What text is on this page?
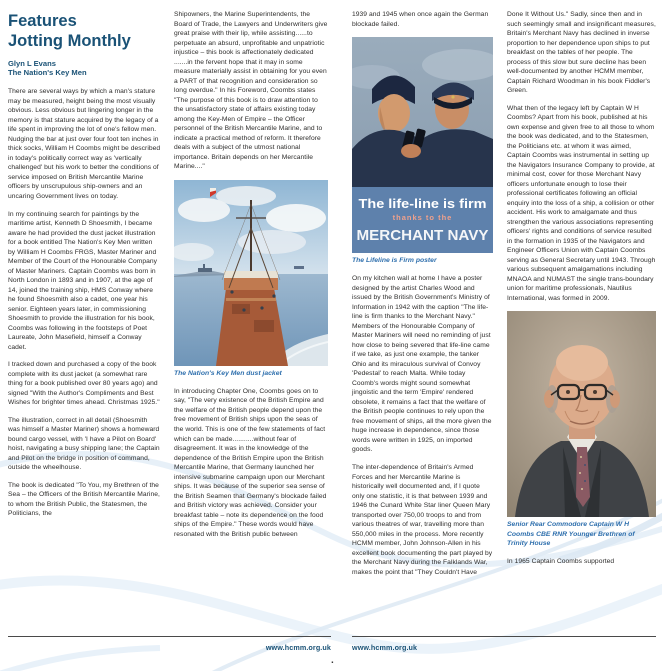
Features
Jotting Monthly
Glyn L Evans
The Nation's Key Men

There are several ways by which a man's stature may be measured, height being the most visually obvious. Less obvious but lingering longer in the memory is that stature acquired by the legacy of a life spent in improving the lot of one's fellow men. Nudging the bar at just over four foot ten inches in thick socks, William H Coombs might be described in today's politically correct way as 'vertically challenged' but his work to better the conditions of service imposed on British Mercantile Marine officers by unscrupulous ship-owners and an uncaring Government lives on today.

In my continuing search for paintings by the maritime artist, Kenneth D Shoesmith, I became aware he had provided the dust jacket illustration for a book entitled The Nation's Key Men written by William H Coombs FRGS, Master Mariner and Member of the Court of the Honourable Company of Master Mariners. Captain Coombs was born in North London in 1893 and in 1907, at the age of 14, joined the training ship, HMS Conway where he found Shoesmith also a cadet, one year his senior. Eighteen years later, in commissioning Shoesmith to provide the illustration for his book, Coombs was following in the footsteps of Poet Laureate, John Masefield, himself a Conway cadet.

I tracked down and purchased a copy of the book complete with its dust jacket (a somewhat rare thing for a book published over 80 years ago) and signed "With the Author's Compliments and Best Wishes for brighter times ahead. Christmas 1925."

The illustration, correct in all detail (Shoesmith was himself a Master Mariner) shows a homeward bound cargo vessel, with 'I have a Pilot on Board' hoist, navigating a busy shipping lane; the Captain and Pilot on the bridge in position of command, outside the wheelhouse.

The book is dedicated "To You, my Brethren of the Sea – the Officers of the British Mercantile Marine, to whom the British Public, the Statesmen, the Politicians, the

Shipowners, the Marine Superintendents, the Board of Trade, the Lawyers and Underwriters give great praise with their lip, while assisting......to perpetuate an absurd, unprofitable and unpatriotic injustice – this book is affectionately dedicated .......in the fervent hope that it may in some measure materially assist in obtaining for you even a PART of that recognition and consideration so long overdue." In his Foreword, Coombs states "The purpose of this book is to draw attention to the unsatisfactory state of affairs existing today among the Key-Men of Empire – the Officer personnel of the British Mercantile Marine, and to indicate a practical method of reform. It therefore deals with a subject of the utmost national importance. Britain depends on her Mercantile Marine...."

The Nation's Key Men dust jacket

In introducing Chapter One, Coombs goes on to say, "The very existence of the British Empire and the welfare of the British people depend upon the free movement of British ships upon the seas of the world. This is one of the few statements of fact which can be made...........without fear of disagreement. It was in the knowledge of the dependence of the British Empire upon the British Mercantile Marine, that Germany launched her intensive submarine campaign upon our Merchant ships. It was because of the superior sea sense of the British Seamen that Germany's blockade failed and British victory was achieved. Consider your breakfast table – note its dependence on the food ships of the Empire." These words would have resonated with the British public between

1939 and 1945 when once again the German blockade failed.

The life-line is firm
thanks to the
MERCHANT NAVY
The Lifeline is Firm poster

On my kitchen wall at home I have a poster designed by the artist Charles Wood and issued by the British Government's Ministry of Information in 1942 with the caption "The life-line is firm thanks to the Merchant Navy." Members of the Honourable Company of Master Mariners will need no reminding of just how close to being severed that life-line came if we take, as just one example, the tanker Ohio and its miraculous survival of Convoy 'Pedestal' to reach Malta. While today Coomb's words might sound somewhat jingoistic and the term 'Empire' rendered obsolete, it remains a fact that the welfare of the British people continues to rely upon the free movement of ships, all the more given the huge increase in dependence, since those words were written in 1925, on imported goods.

The inter-dependence of Britain's Armed Forces and her Mercantile Marine is historically well documented and, if I quote only one statistic, it is that between 1939 and 1946 the Cunard White Star liner Queen Mary transported over 750,00 troops to and from various theatres of war, travelling more than 550,000 miles in the process. More recently HCMM member, John Johnson-Allen in his excellent book documenting the part played by the Merchant Navy during the Falklands War, makes the point that "They Couldn't Have

Done It Without Us." Sadly, since then and in such seemingly small and insignificant measures, Britain's Merchant Navy has declined in inverse proportion to her dependence upon ships to put breakfast on the tables of her people. The process of this slow but sure decline has been well-documented by another HCMM member, Captain Richard Woodman in his book Fiddler's Green.

What then of the legacy left by Captain W H Coombs? Apart from his book, published at his own expense and given free to all those to whom the book was dedicated, and to the Statesmen, the Politicians etc. at whom it was aimed, Captain Coombs was instrumental in setting up the Navigators Insurance Company to provide, at minimal cost, cover for those Merchant Navy officers unfortunate enough to lose their professional certificates following an official enquiry into the loss of a ship, a collision or other accident. His work to amalgamate and thus strengthen the various associations representing officers' rights and conditions of service resulted in the formation in 1935 of the Navigators and Engineer Officers Union with Captain Coombs serving as General Secretary until 1943. Through various subsequent amalgamations including MNAOA and NUMAST the single trans-boundary union for maritime professionals, Nautilus International, was formed in 2009.

Senior Rear Commodore Captain W H Coombs CBE RNR Younger Brethren of Trinity House

In 1965 Captain Coombs supported

www.hcmm.org.uk	www.hcmm.org.uk
.
